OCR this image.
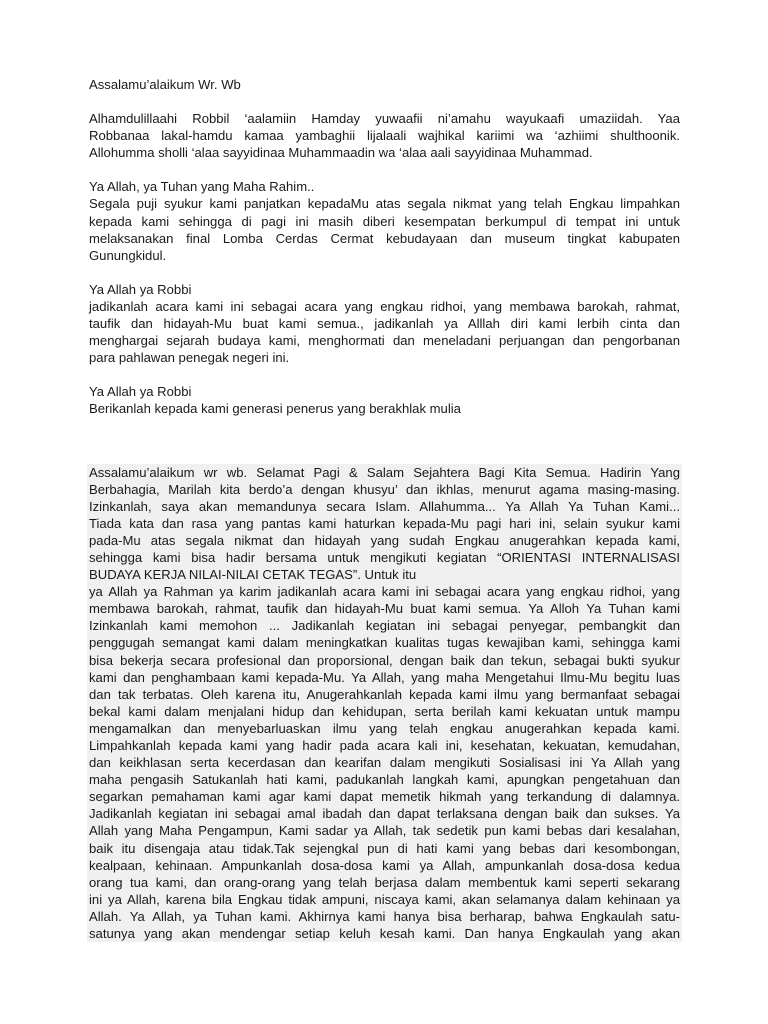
Assalamu’alaikum Wr. Wb
Alhamdulillaahi Robbil ‘aalamiin Hamday yuwaafii ni’amahu wayukaafi umaziidah. Yaa
Robbanaa lakal-hamdu kamaa yambaghii lijalaali wajhikal kariimi wa ‘azhiimi shulthoonik.
Allohumma sholli ‘alaa sayyidinaa Muhammaadin wa ‘alaa aali sayyidinaa Muhammad.
Ya Allah, ya Tuhan yang Maha Rahim..
Segala puji syukur kami panjatkan kepadaMu atas segala nikmat yang telah Engkau limpahkan
kepada kami sehingga di pagi ini masih diberi kesempatan berkumpul di tempat ini untuk
melaksanakan final Lomba Cerdas Cermat kebudayaan dan museum tingkat kabupaten
Gunungkidul.
Ya Allah ya Robbi
jadikanlah acara kami ini sebagai acara yang engkau ridhoi, yang membawa barokah, rahmat,
taufik dan hidayah-Mu buat kami semua., jadikanlah ya Alllah diri kami lerbih cinta dan
menghargai sejarah budaya kami, menghormati dan meneladani perjuangan dan pengorbanan
para pahlawan penegak negeri ini.
Ya Allah ya Robbi
Berikanlah kepada kami generasi penerus yang berakhlak mulia
Assalamu’alaikum wr wb. Selamat Pagi & Salam Sejahtera Bagi Kita Semua. Hadirin Yang
Berbahagia, Marilah kita berdo’a dengan khusyu’ dan ikhlas, menurut agama masing-masing.
Izinkanlah, saya akan memandunya secara Islam. Allahumma... Ya Allah Ya Tuhan Kami...
Tiada kata dan rasa yang pantas kami haturkan kepada-Mu pagi hari ini, selain syukur kami
pada-Mu atas segala nikmat dan hidayah yang sudah Engkau anugerahkan kepada kami,
sehingga kami bisa hadir bersama untuk mengikuti kegiatan “ORIENTASI INTERNALISASI
BUDAYA KERJA NILAI-NILAI CETAK TEGAS”. Untuk itu
ya Allah ya Rahman ya karim jadikanlah acara kami ini sebagai acara yang engkau ridhoi, yang
membawa barokah, rahmat, taufik dan hidayah-Mu buat kami semua. Ya Alloh Ya Tuhan kami
Izinkanlah kami memohon ... Jadikanlah kegiatan ini sebagai penyegar, pembangkit dan
penggugah semangat kami dalam meningkatkan kualitas tugas kewajiban kami, sehingga kami
bisa bekerja secara profesional dan proporsional, dengan baik dan tekun, sebagai bukti syukur
kami dan penghambaan kami kepada-Mu. Ya Allah, yang maha Mengetahui Ilmu-Mu begitu luas
dan tak terbatas. Oleh karena itu, Anugerahkanlah kepada kami ilmu yang bermanfaat sebagai
bekal kami dalam menjalani hidup dan kehidupan, serta berilah kami kekuatan untuk mampu
mengamalkan dan menyebarluaskan ilmu yang telah engkau anugerahkan kepada kami.
Limpahkanlah kepada kami yang hadir pada acara kali ini, kesehatan, kekuatan, kemudahan,
dan keikhlasan serta kecerdasan dan kearifan dalam mengikuti Sosialisasi ini Ya Allah yang
maha pengasih Satukanlah hati kami, padukanlah langkah kami, apungkan pengetahuan dan
segarkan pemahaman kami agar kami dapat memetik hikmah yang terkandung di dalamnya.
Jadikanlah kegiatan ini sebagai amal ibadah dan dapat terlaksana dengan baik dan sukses. Ya
Allah yang Maha Pengampun, Kami sadar ya Allah, tak sedetik pun kami bebas dari kesalahan,
baik itu disengaja atau tidak.Tak sejengkal pun di hati kami yang bebas dari kesombongan,
kealpaan, kehinaan. Ampunkanlah dosa-dosa kami ya Allah, ampunkanlah dosa-dosa kedua
orang tua kami, dan orang-orang yang telah berjasa dalam membentuk kami seperti sekarang
ini ya Allah, karena bila Engkau tidak ampuni, niscaya kami, akan selamanya dalam kehinaan ya
Allah. Ya Allah, ya Tuhan kami. Akhirnya kami hanya bisa berharap, bahwa Engkaulah satu-
satunya yang akan mendengar setiap keluh kesah kami. Dan hanya Engkaulah yang akan
